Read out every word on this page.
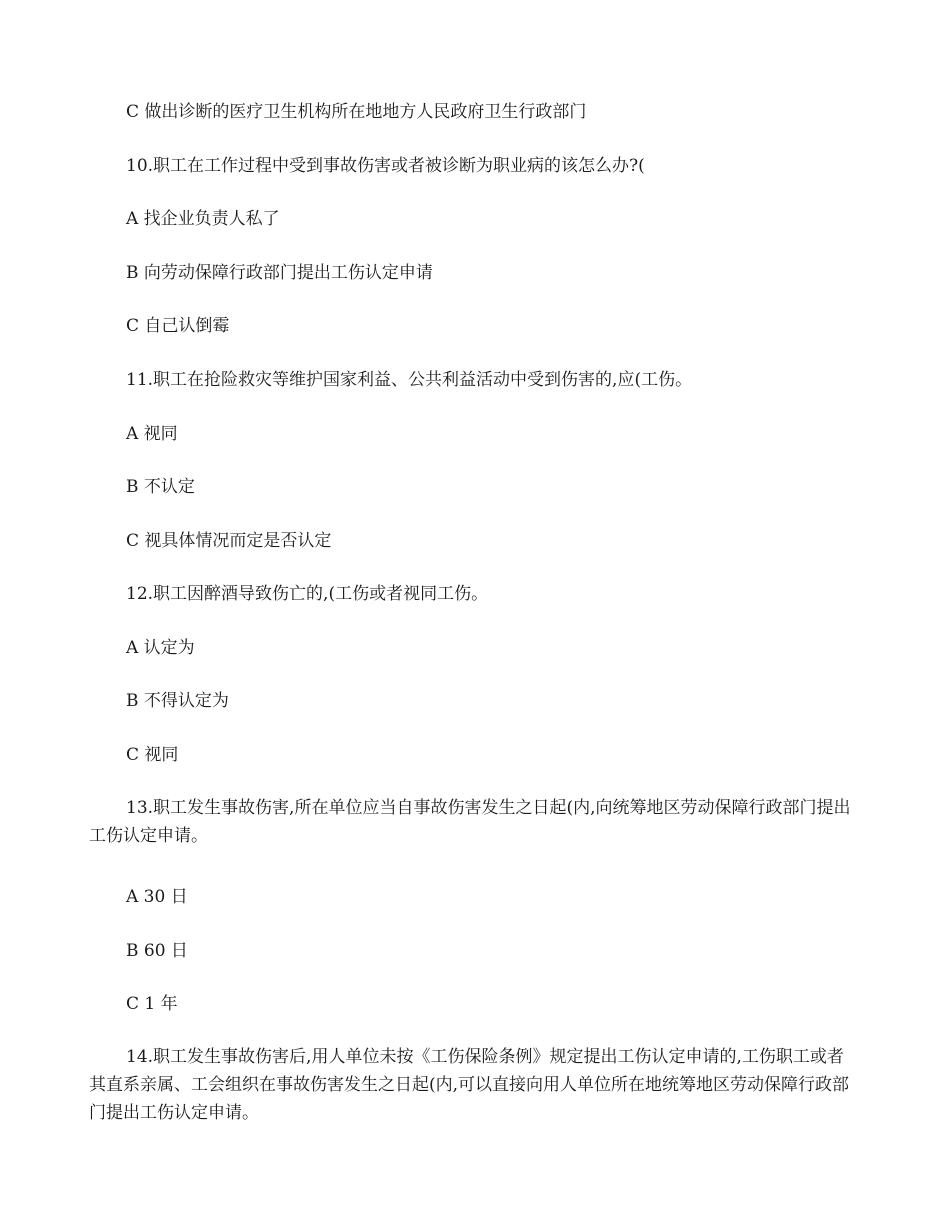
C 做出诊断的医疗卫生机构所在地地方人民政府卫生行政部门
10.职工在工作过程中受到事故伤害或者被诊断为职业病的该怎么办?(
A 找企业负责人私了
B 向劳动保障行政部门提出工伤认定申请
C 自己认倒霉
11.职工在抢险救灾等维护国家利益、公共利益活动中受到伤害的,应(工伤。
A 视同
B 不认定
C 视具体情况而定是否认定
12.职工因醉酒导致伤亡的,(工伤或者视同工伤。
A 认定为
B 不得认定为
C 视同
13.职工发生事故伤害,所在单位应当自事故伤害发生之日起(内,向统筹地区劳动保障行政部门提出工伤认定申请。
A 30 日
B 60 日
C 1 年
14.职工发生事故伤害后,用人单位未按《工伤保险条例》规定提出工伤认定申请的,工伤职工或者其直系亲属、工会组织在事故伤害发生之日起(内,可以直接向用人单位所在地统筹地区劳动保障行政部门提出工伤认定申请。
